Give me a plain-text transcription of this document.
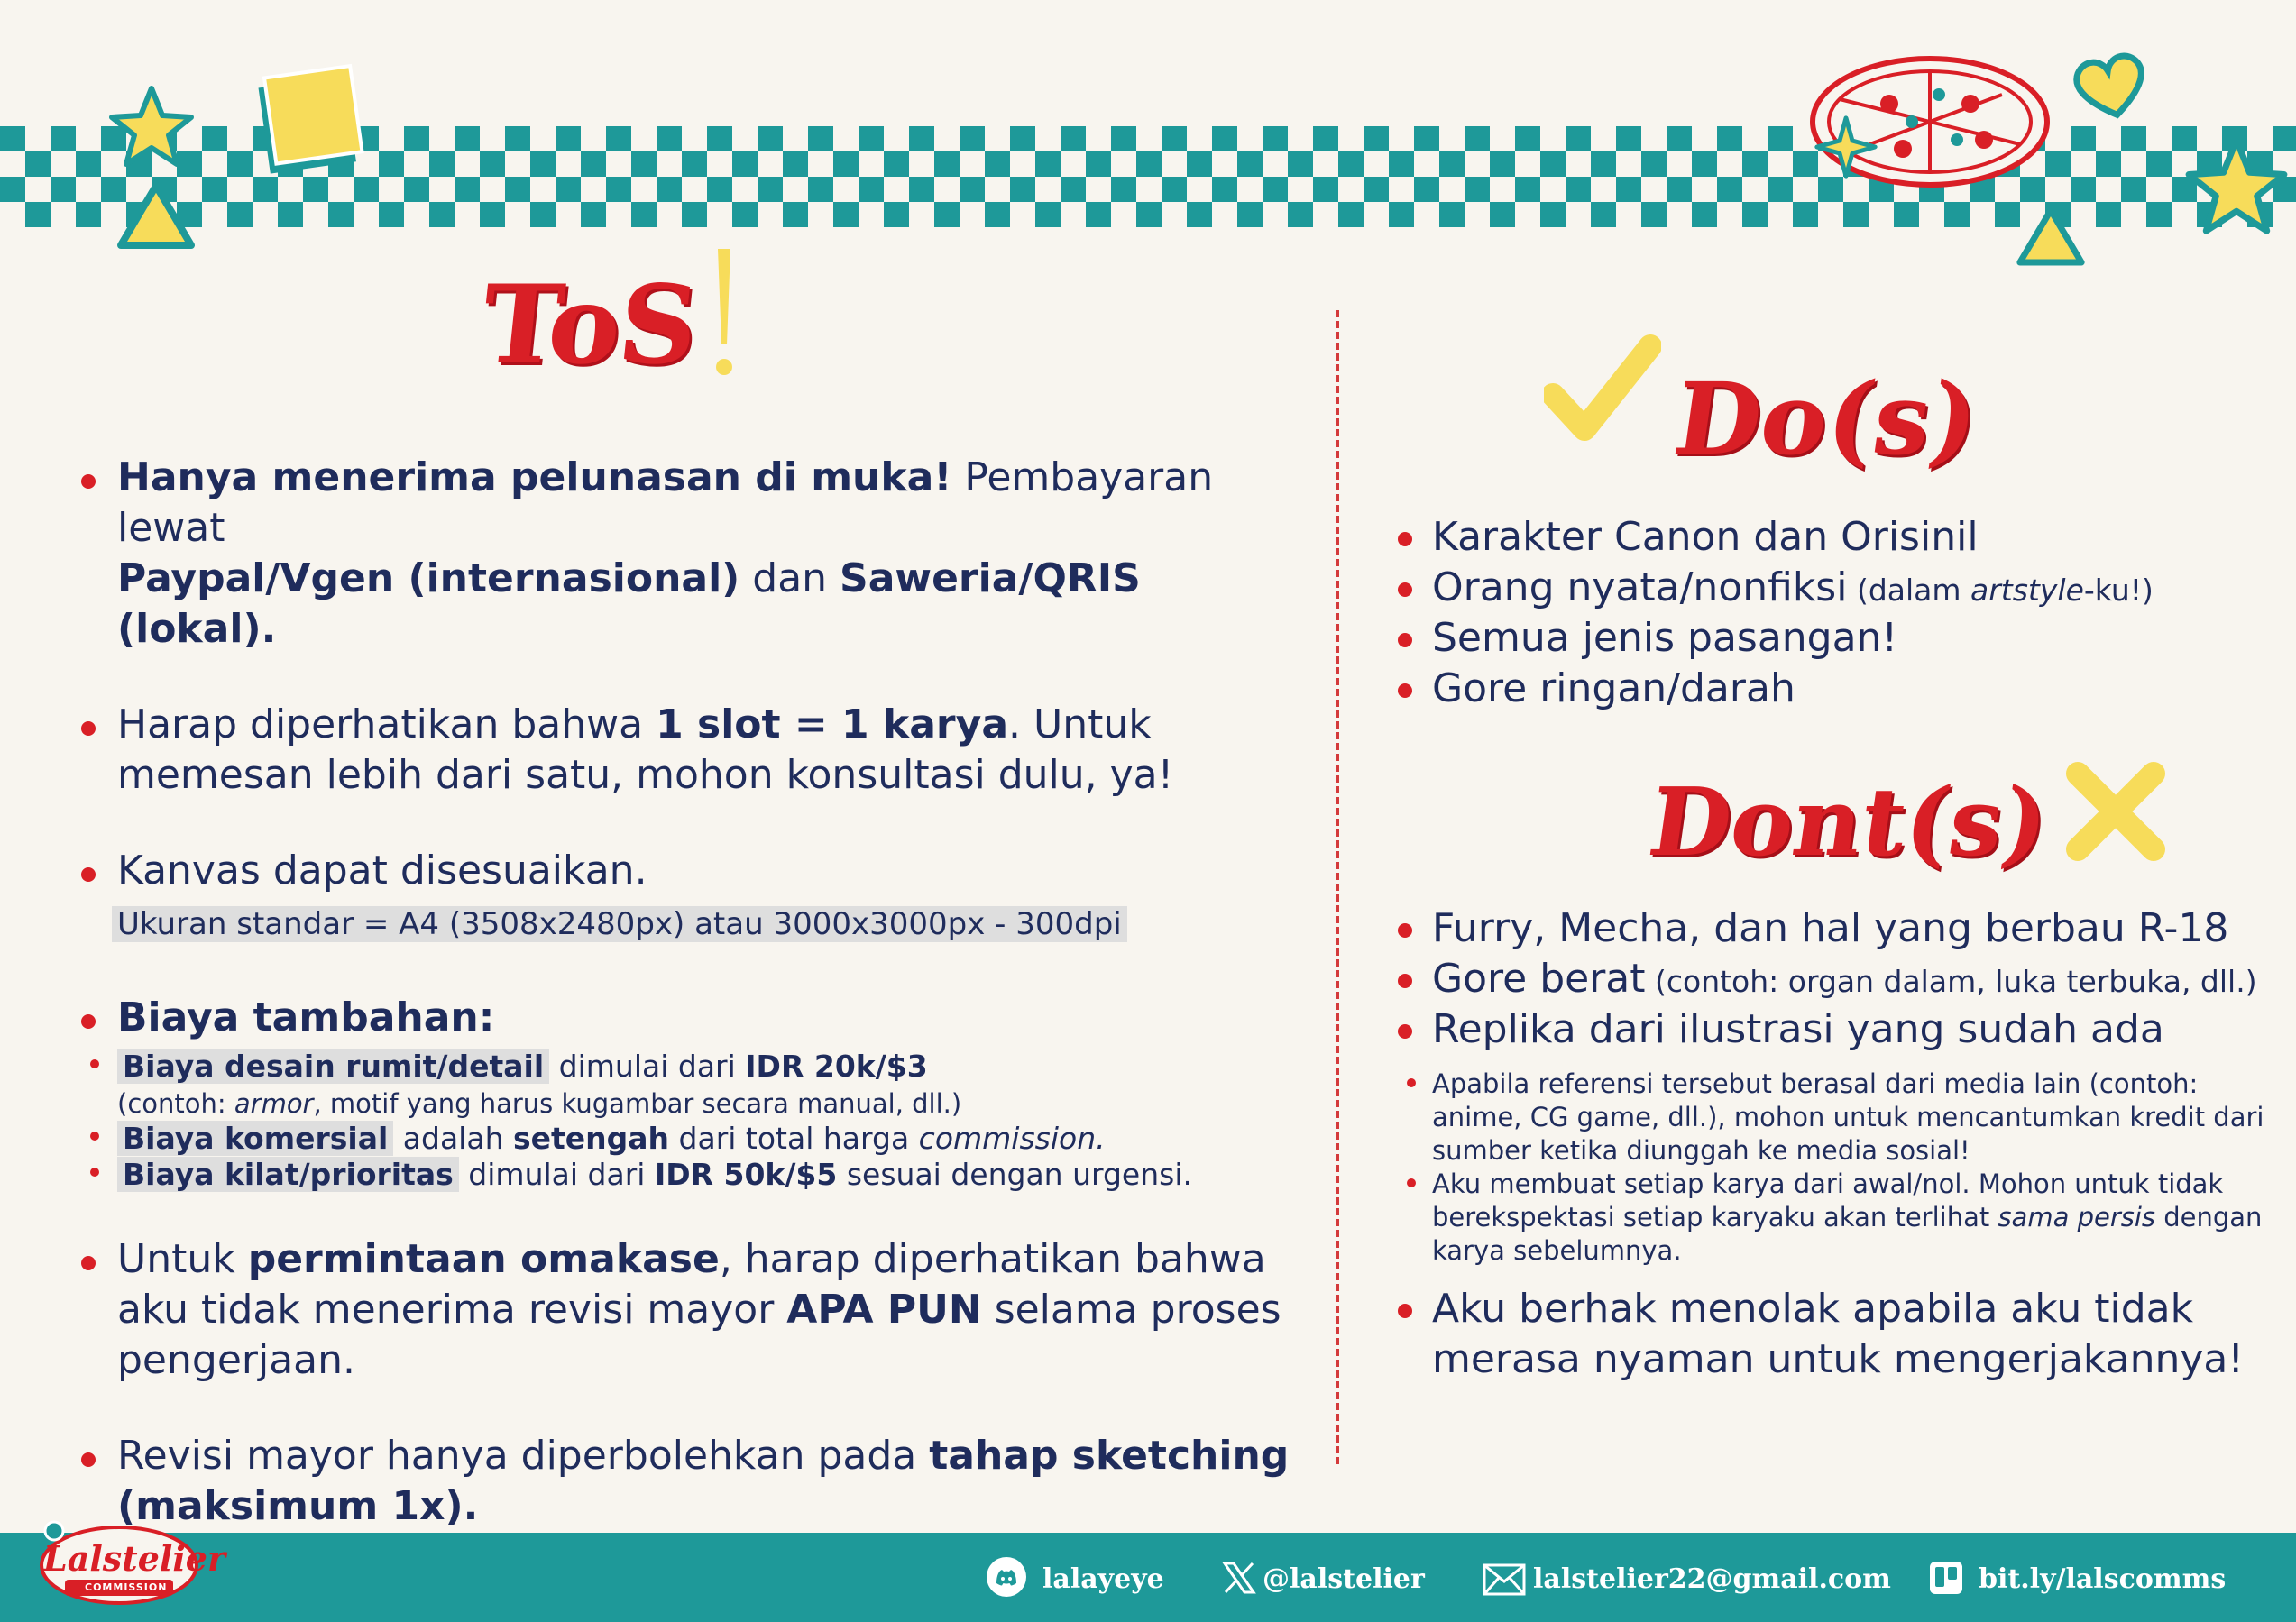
ToS
Hanya menerima pelunasan di muka! Pembayaran lewat
Paypal/Vgen (internasional) dan Saweria/QRIS (lokal).
Harap diperhatikan bahwa 1 slot = 1 karya. Untuk memesan lebih dari satu, mohon konsultasi dulu, ya!
Kanvas dapat disesuaikan.
Ukuran standar = A4 (3508x2480px) atau 3000x3000px - 300dpi
Biaya tambahan:
Biaya desain rumit/detail dimulai dari IDR 20k/$3
(contoh: armor, motif yang harus kugambar secara manual, dll.)
Biaya komersial adalah setengah dari total harga commission.
Biaya kilat/prioritas dimulai dari IDR 50k/$5 sesuai dengan urgensi.
Untuk permintaan omakase, harap diperhatikan bahwa aku tidak menerima revisi mayor APA PUN selama proses pengerjaan.
Revisi mayor hanya diperbolehkan pada tahap sketching (maksimum 1x).
Do(s)
Karakter Canon dan Orisinil
Orang nyata/nonfiksi (dalam artstyle-ku!)
Semua jenis pasangan!
Gore ringan/darah
Dont(s)
Furry, Mecha, dan hal yang berbau R-18
Gore berat (contoh: organ dalam, luka terbuka, dll.)
Replika dari ilustrasi yang sudah ada
Apabila referensi tersebut berasal dari media lain (contoh: anime, CG game, dll.), mohon untuk mencantumkan kredit dari sumber ketika diunggah ke media sosial!
Aku membuat setiap karya dari awal/nol. Mohon untuk tidak berekspektasi setiap karyaku akan terlihat sama persis dengan karya sebelumnya.
Aku berhak menolak apabila aku tidak merasa nyaman untuk mengerjakannya!
Lalstelier
COMMISSION	lalayeye	@lalstelier	lalstelier22@gmail.com	bit.ly/lalscomms
